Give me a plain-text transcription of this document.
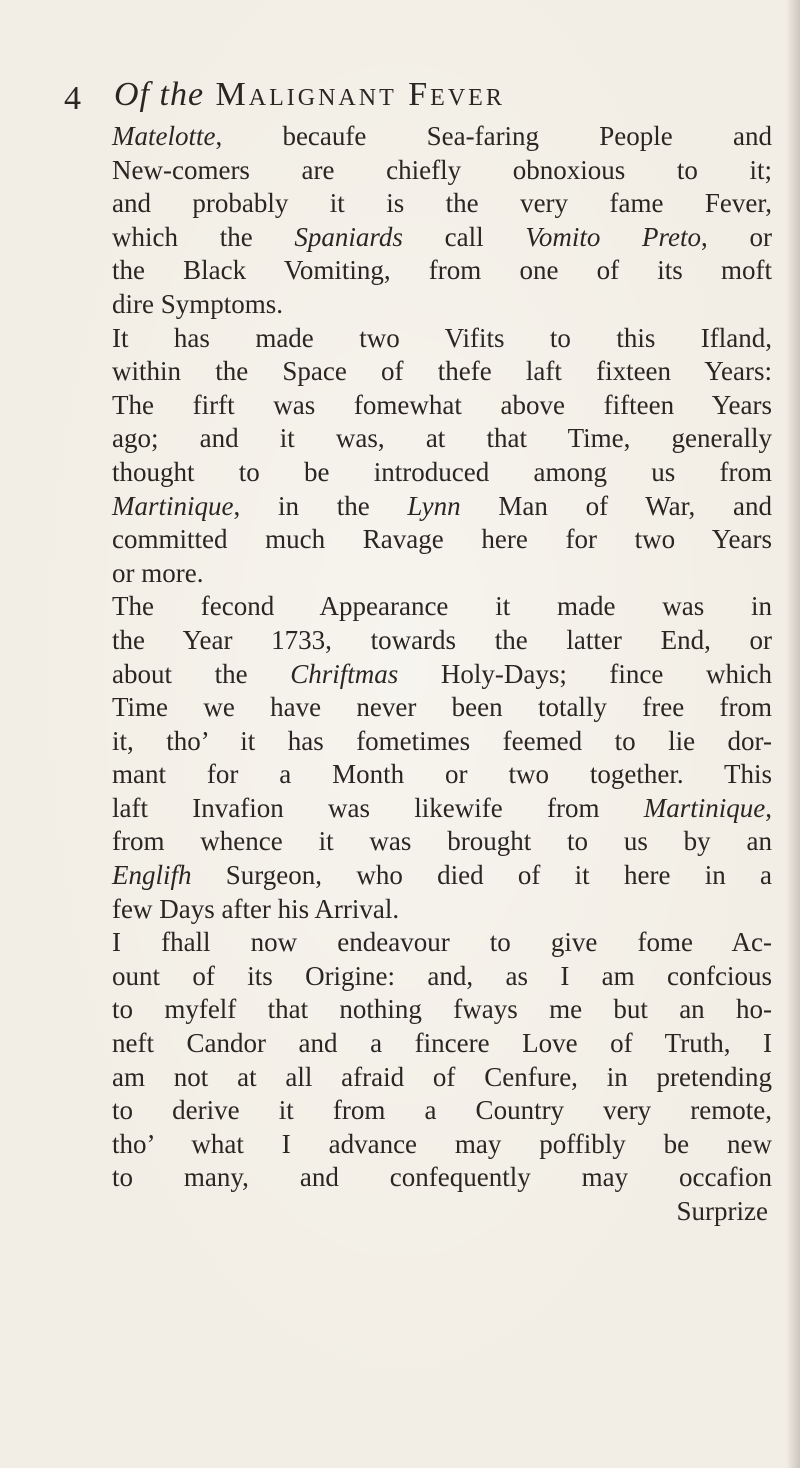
4 Of the Malignant Fever
Matelotte, becaufe Sea-faring People and
New-comers are chiefly obnoxious to it;
and probably it is the very fame Fever,
which the Spaniards call Vomito Preto, or
the Black Vomiting, from one of its moft
dire Symptoms.
It has made two Vifits to this Ifland,
within the Space of thefe laft fixteen Years:
The firft was fomewhat above fifteen Years
ago; and it was, at that Time, generally
thought to be introduced among us from
Martinique, in the Lynn Man of War, and
committed much Ravage here for two Years
or more.
The fecond Appearance it made was in
the Year 1733, towards the latter End, or
about the Chriftmas Holy-Days; fince which
Time we have never been totally free from
it, tho’ it has fometimes feemed to lie dor-
mant for a Month or two together. This
laft Invafion was likewife from Martinique,
from whence it was brought to us by an
Englifh Surgeon, who died of it here in a
few Days after his Arrival.
I fhall now endeavour to give fome Ac-
ount of its Origine: and, as I am confcious
to myfelf that nothing fways me but an ho-
neft Candor and a fincere Love of Truth, I
am not at all afraid of Cenfure, in pretending
to derive it from a Country very remote,
tho’ what I advance may poffibly be new
to many, and confequently may occafion
Surprize
